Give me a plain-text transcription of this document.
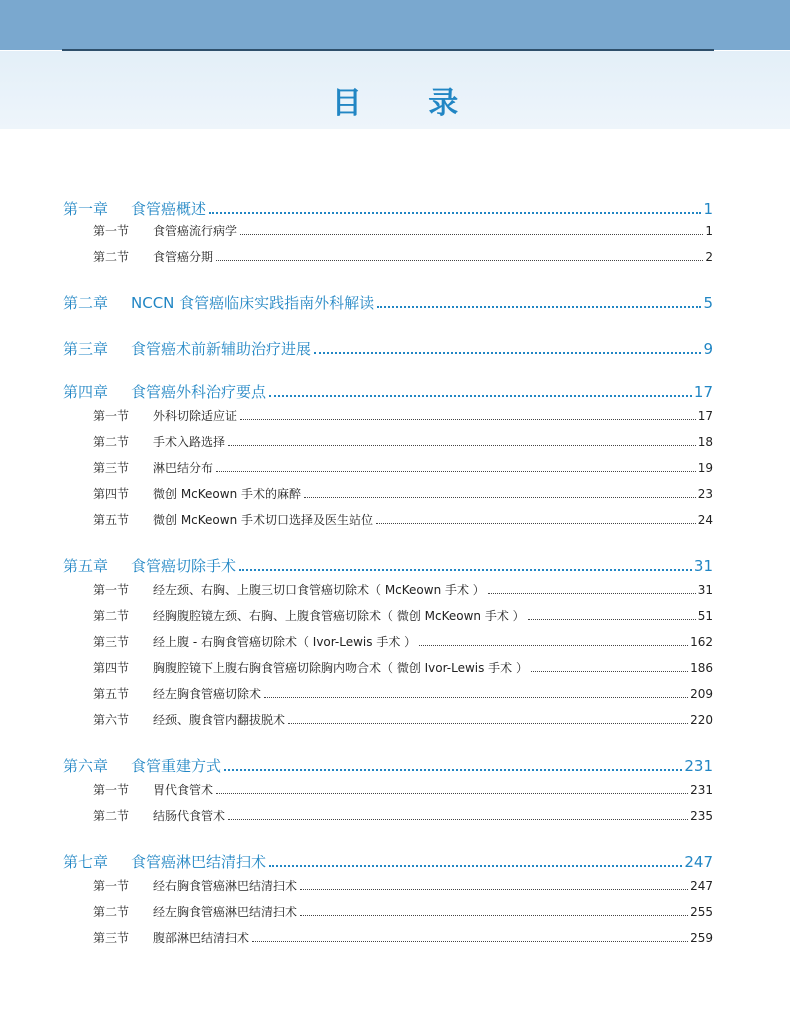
目 录
第一章	食管癌概述	1
第一节	食管癌流行病学	1
第二节	食管癌分期	2
第二章	NCCN 食管癌临床实践指南外科解读	5
第三章	食管癌术前新辅助治疗进展	9
第四章	食管癌外科治疗要点	17
第一节	外科切除适应证	17
第二节	手术入路选择	18
第三节	淋巴结分布	19
第四节	微创 McKeown 手术的麻醉	23
第五节	微创 McKeown 手术切口选择及医生站位	24
第五章	食管癌切除手术	31
第一节	经左颈、右胸、上腹三切口食管癌切除术（ McKeown 手术 ）	31
第二节	经胸腹腔镜左颈、右胸、上腹食管癌切除术（ 微创 McKeown 手术 ）	51
第三节	经上腹 - 右胸食管癌切除术（ Ivor-Lewis 手术 ）	162
第四节	胸腹腔镜下上腹右胸食管癌切除胸内吻合术（ 微创 Ivor-Lewis 手术 ）	186
第五节	经左胸食管癌切除术	209
第六节	经颈、腹食管内翻拔脱术	220
第六章	食管重建方式	231
第一节	胃代食管术	231
第二节	结肠代食管术	235
第七章	食管癌淋巴结清扫术	247
第一节	经右胸食管癌淋巴结清扫术	247
第二节	经左胸食管癌淋巴结清扫术	255
第三节	腹部淋巴结清扫术	259
